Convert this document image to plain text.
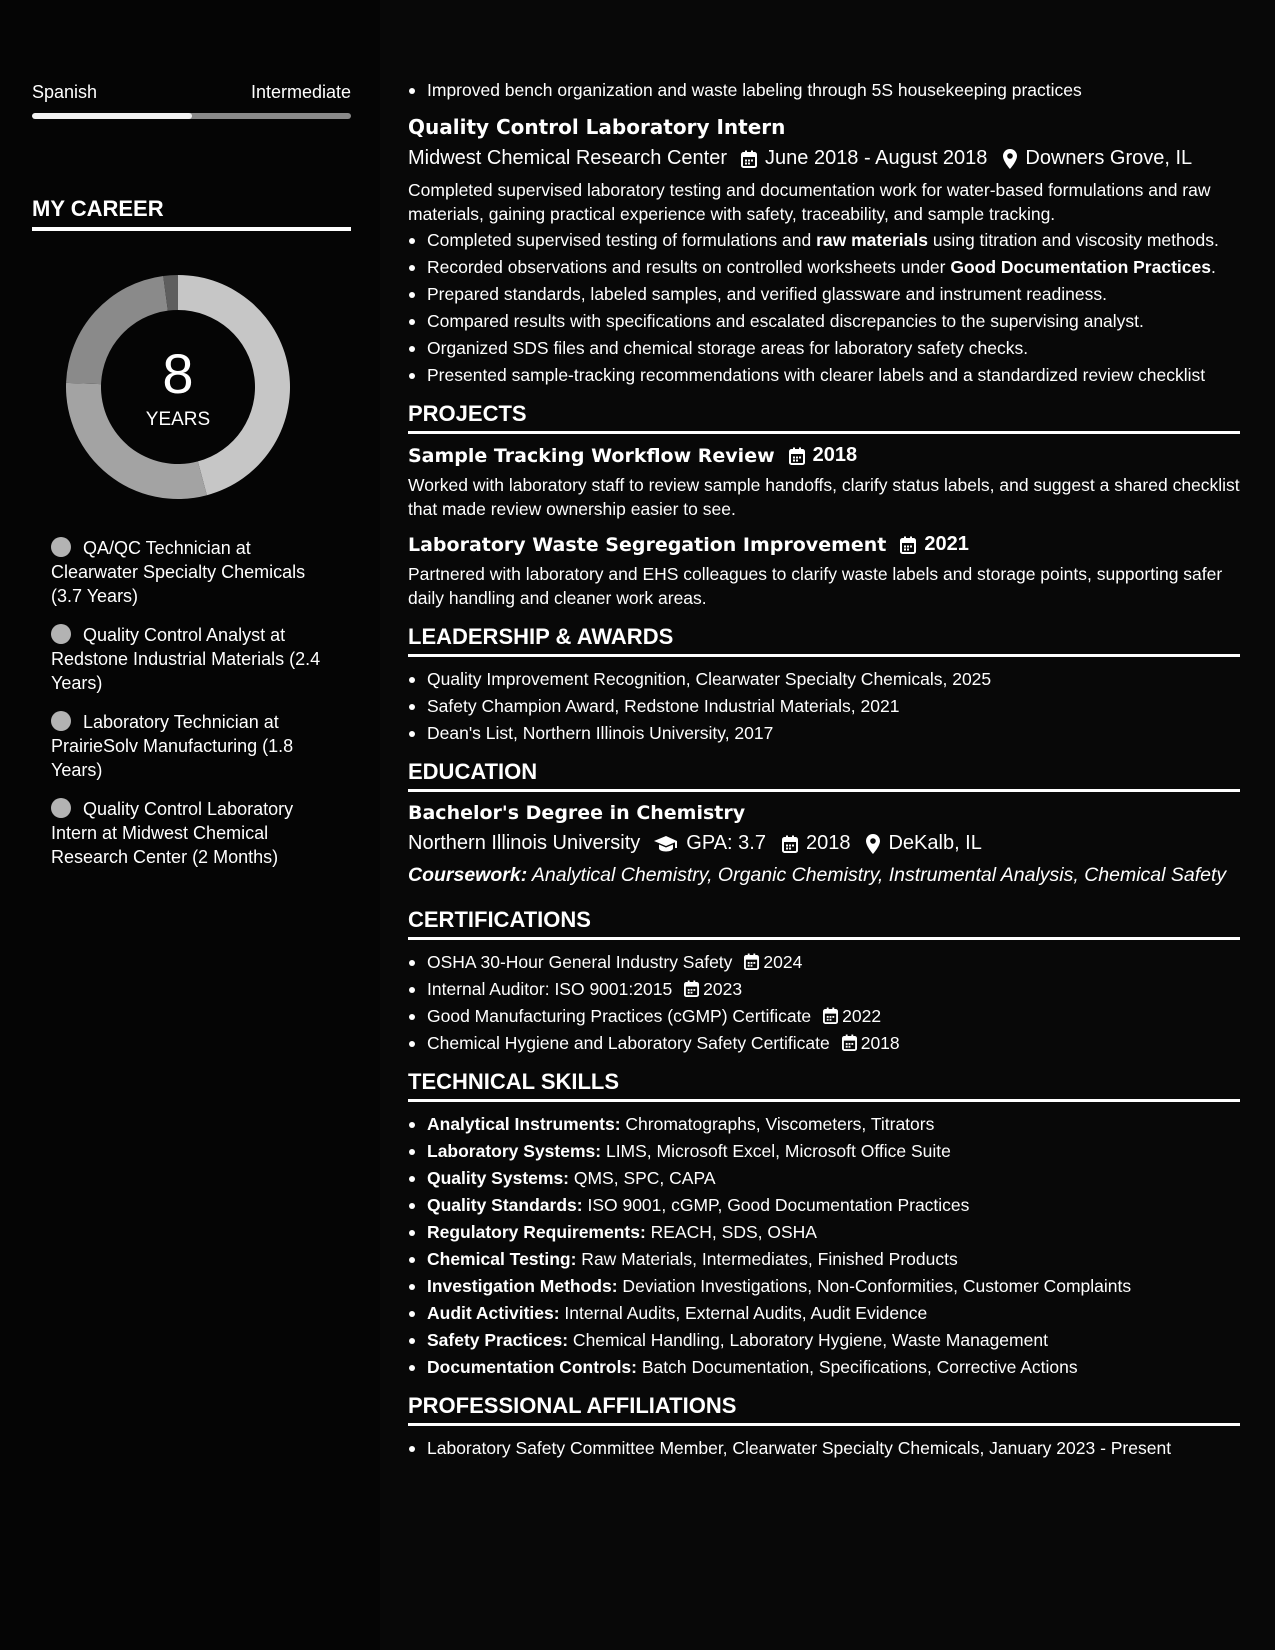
Spanish	Intermediate
MY CAREER
8
YEARS
QA/QC Technician at Clearwater Specialty Chemicals (3.7 Years)
Quality Control Analyst at Redstone Industrial Materials (2.4 Years)
Laboratory Technician at PrairieSolv Manufacturing (1.8 Years)
Quality Control Laboratory Intern at Midwest Chemical Research Center (2 Months)
Improved bench organization and waste labeling through 5S housekeeping practices
Quality Control Laboratory Intern
Midwest Chemical Research Center June 2018 - August 2018 Downers Grove, IL
Completed supervised laboratory testing and documentation work for water-based formulations and raw materials, gaining practical experience with safety, traceability, and sample tracking.
Completed supervised testing of formulations and raw materials using titration and viscosity methods.
Recorded observations and results on controlled worksheets under Good Documentation Practices.
Prepared standards, labeled samples, and verified glassware and instrument readiness.
Compared results with specifications and escalated discrepancies to the supervising analyst.
Organized SDS files and chemical storage areas for laboratory safety checks.
Presented sample-tracking recommendations with clearer labels and a standardized review checklist
PROJECTS
Sample Tracking Workflow Review 2018
Worked with laboratory staff to review sample handoffs, clarify status labels, and suggest a shared checklist that made review ownership easier to see.
Laboratory Waste Segregation Improvement 2021
Partnered with laboratory and EHS colleagues to clarify waste labels and storage points, supporting safer daily handling and cleaner work areas.
LEADERSHIP & AWARDS
Quality Improvement Recognition, Clearwater Specialty Chemicals, 2025
Safety Champion Award, Redstone Industrial Materials, 2021
Dean's List, Northern Illinois University, 2017
EDUCATION
Bachelor's Degree in Chemistry
Northern Illinois University GPA: 3.7 2018 DeKalb, IL
Coursework: Analytical Chemistry, Organic Chemistry, Instrumental Analysis, Chemical Safety
CERTIFICATIONS
OSHA 30-Hour General Industry Safety 2024
Internal Auditor: ISO 9001:2015 2023
Good Manufacturing Practices (cGMP) Certificate 2022
Chemical Hygiene and Laboratory Safety Certificate 2018
TECHNICAL SKILLS
Analytical Instruments: Chromatographs, Viscometers, Titrators
Laboratory Systems: LIMS, Microsoft Excel, Microsoft Office Suite
Quality Systems: QMS, SPC, CAPA
Quality Standards: ISO 9001, cGMP, Good Documentation Practices
Regulatory Requirements: REACH, SDS, OSHA
Chemical Testing: Raw Materials, Intermediates, Finished Products
Investigation Methods: Deviation Investigations, Non-Conformities, Customer Complaints
Audit Activities: Internal Audits, External Audits, Audit Evidence
Safety Practices: Chemical Handling, Laboratory Hygiene, Waste Management
Documentation Controls: Batch Documentation, Specifications, Corrective Actions
PROFESSIONAL AFFILIATIONS
Laboratory Safety Committee Member, Clearwater Specialty Chemicals, January 2023 - Present
